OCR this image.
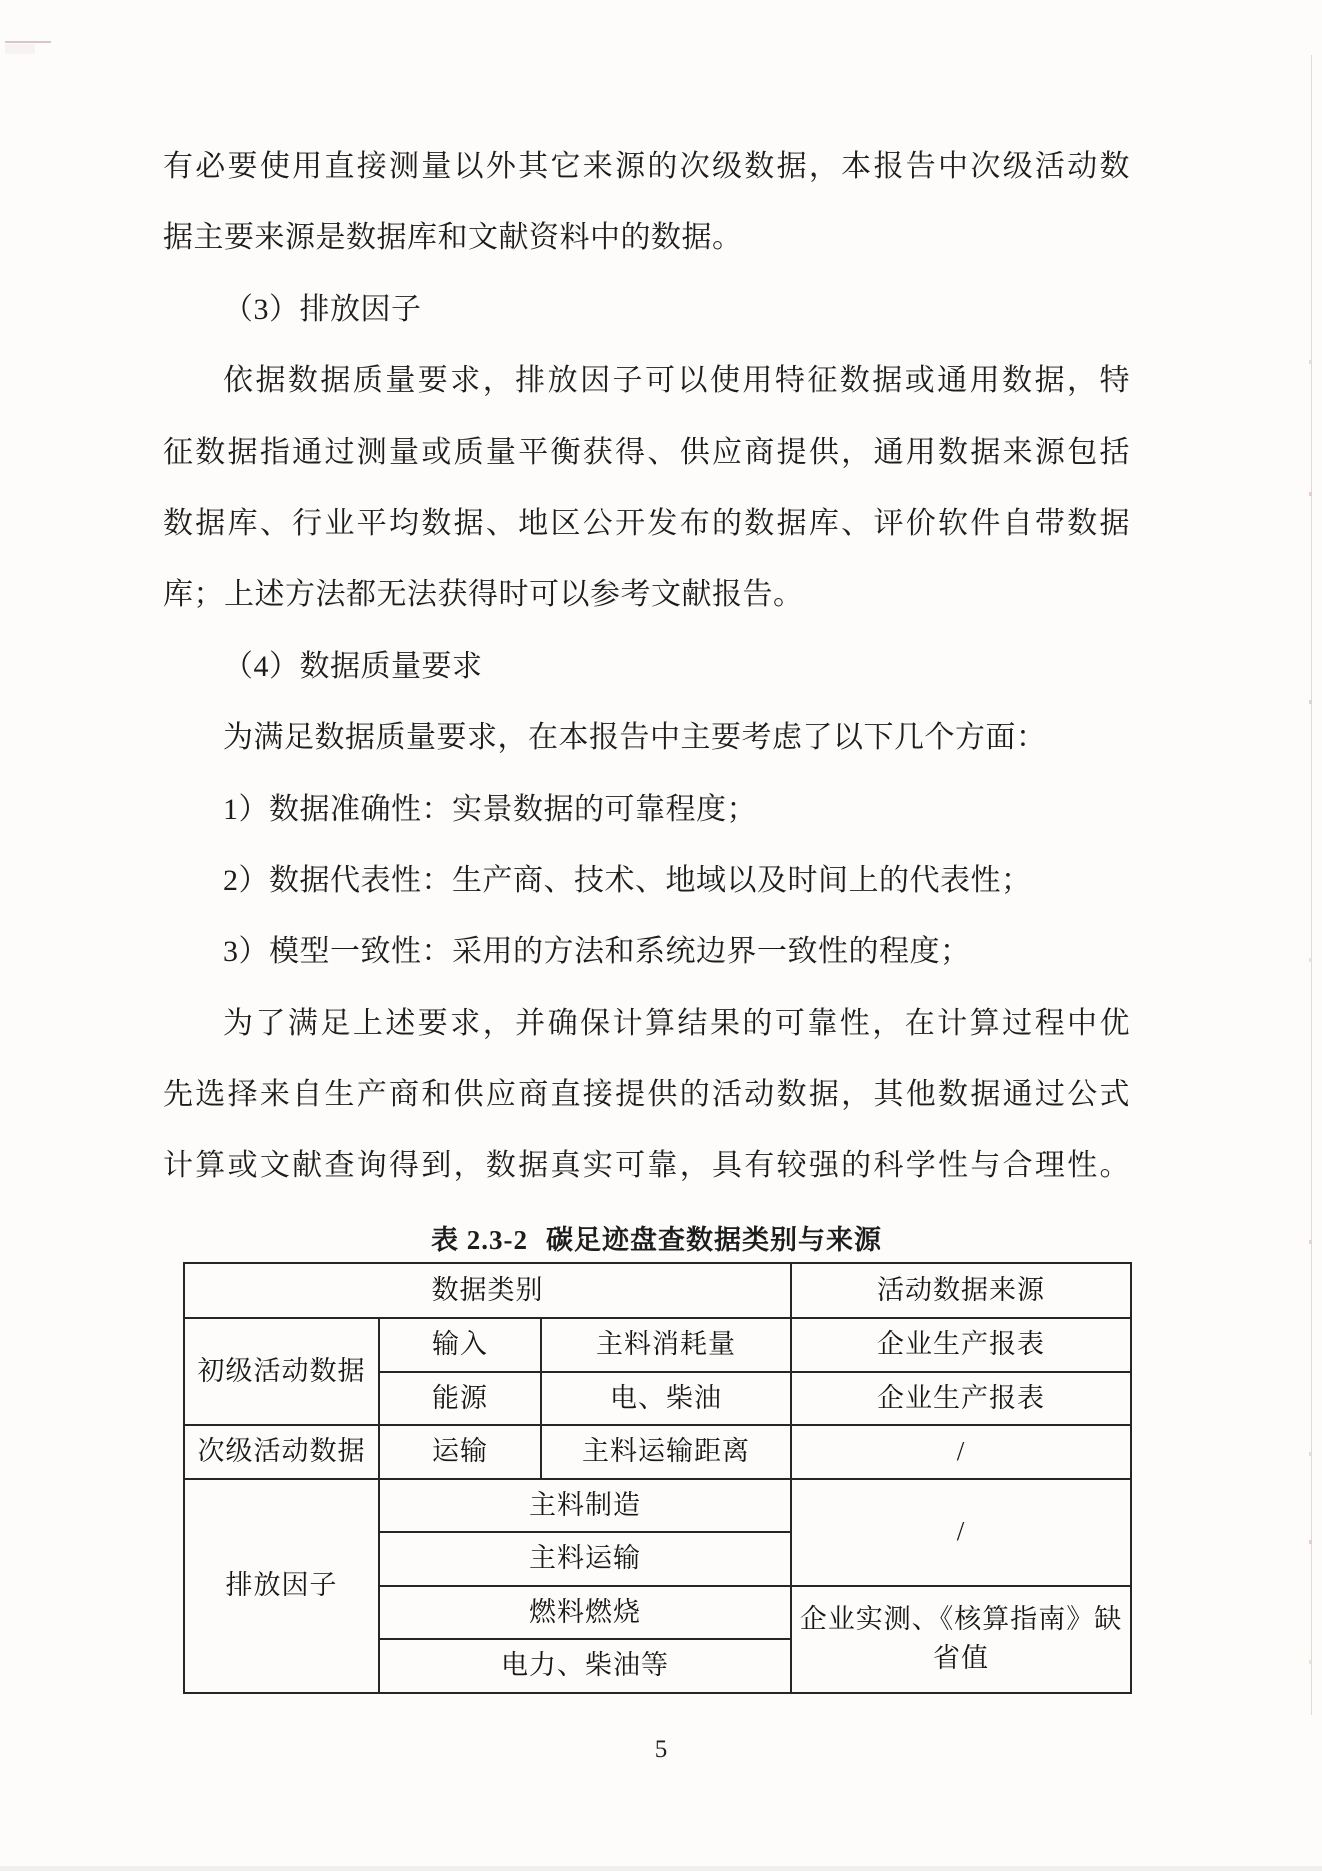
有必要使用直接测量以外其它来源的次级数据，本报告中次级活动数
据主要来源是数据库和文献资料中的数据。
（3）排放因子
依据数据质量要求，排放因子可以使用特征数据或通用数据，特
征数据指通过测量或质量平衡获得、供应商提供，通用数据来源包括
数据库、行业平均数据、地区公开发布的数据库、评价软件自带数据
库；上述方法都无法获得时可以参考文献报告。
（4）数据质量要求
为满足数据质量要求，在本报告中主要考虑了以下几个方面：
1）数据准确性：实景数据的可靠程度；
2）数据代表性：生产商、技术、地域以及时间上的代表性；
3）模型一致性：采用的方法和系统边界一致性的程度；
为了满足上述要求，并确保计算结果的可靠性，在计算过程中优
先选择来自生产商和供应商直接提供的活动数据，其他数据通过公式
计算或文献查询得到，数据真实可靠，具有较强的科学性与合理性。
表 2.3-2 碳足迹盘查数据类别与来源
数据类别			活动数据来源
初级活动数据	输入	主料消耗量	企业生产报表
	能源	电、柴油	企业生产报表
次级活动数据	运输	主料运输距离	/
排放因子	主料制造		/
	主料运输		
	燃料燃烧		企业实测、《核算指南》缺省值
	电力、柴油等		
5
